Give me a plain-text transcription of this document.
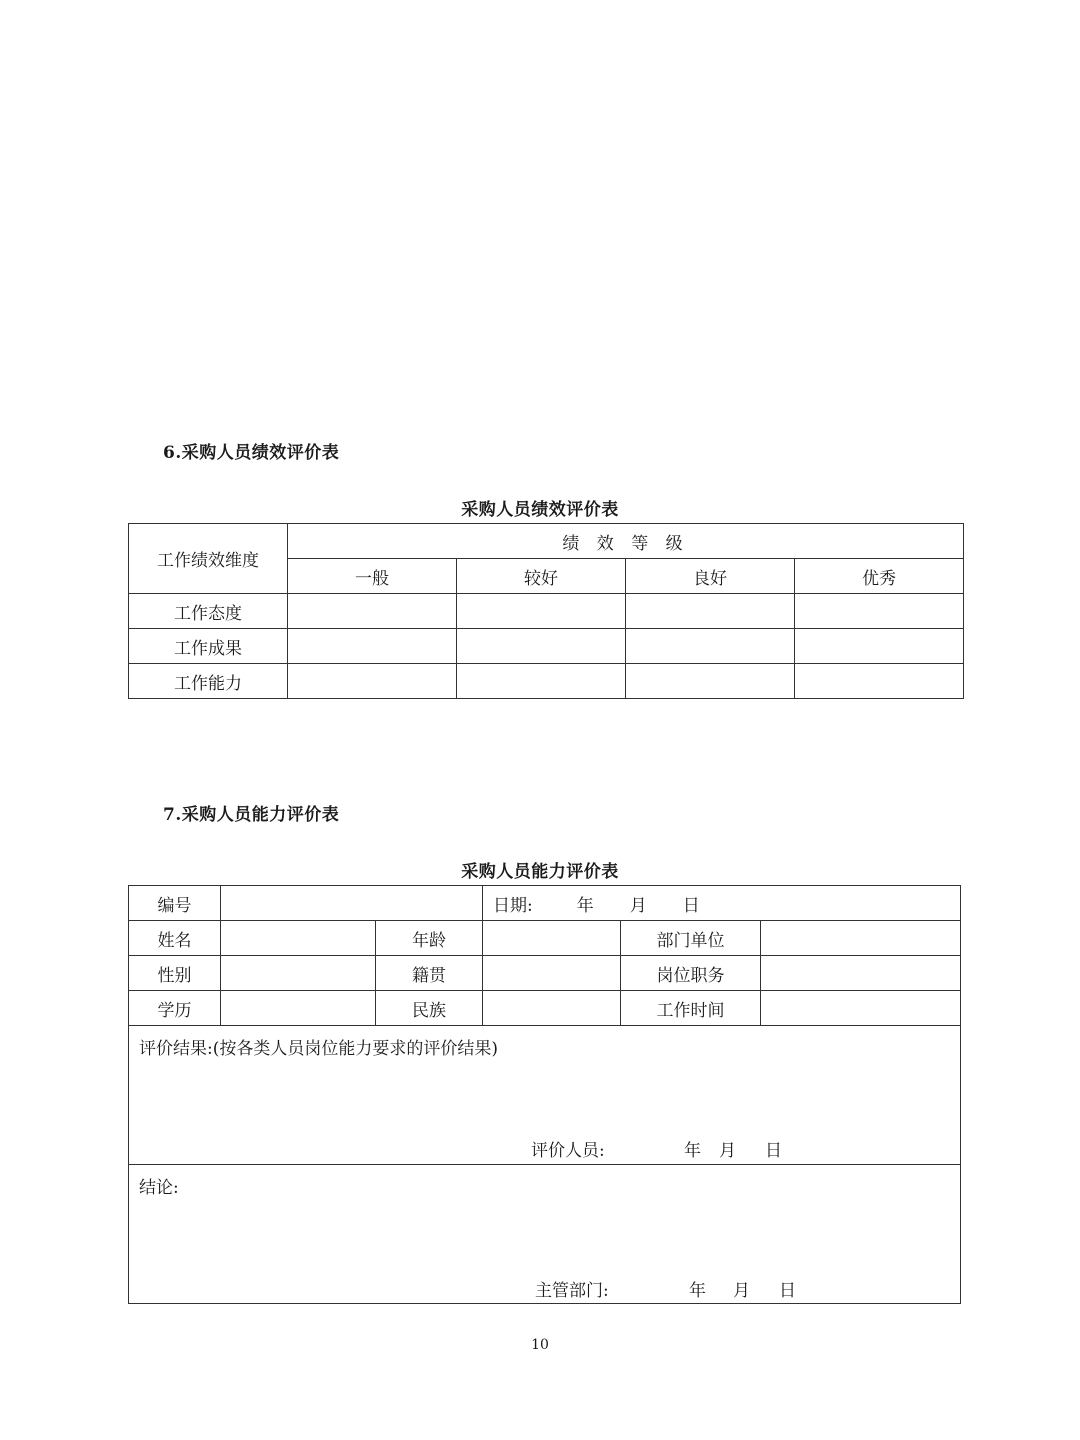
6.采购人员绩效评价表
采购人员绩效评价表
工作绩效维度	绩 效 等 级			
	一般	较好	良好	优秀
工作态度				
工作成果				
工作能力				
7.采购人员能力评价表
采购人员能力评价表
编号			日期: 年 月 日		
姓名		年龄		部门单位	
性别		籍贯		岗位职务	
学历		民族		工作时间	

评价结果:(按各类人员岗位能力要求的评价结果)
评价人员: 年 月 日					

结论:
主管部门: 年 月 日					
10
